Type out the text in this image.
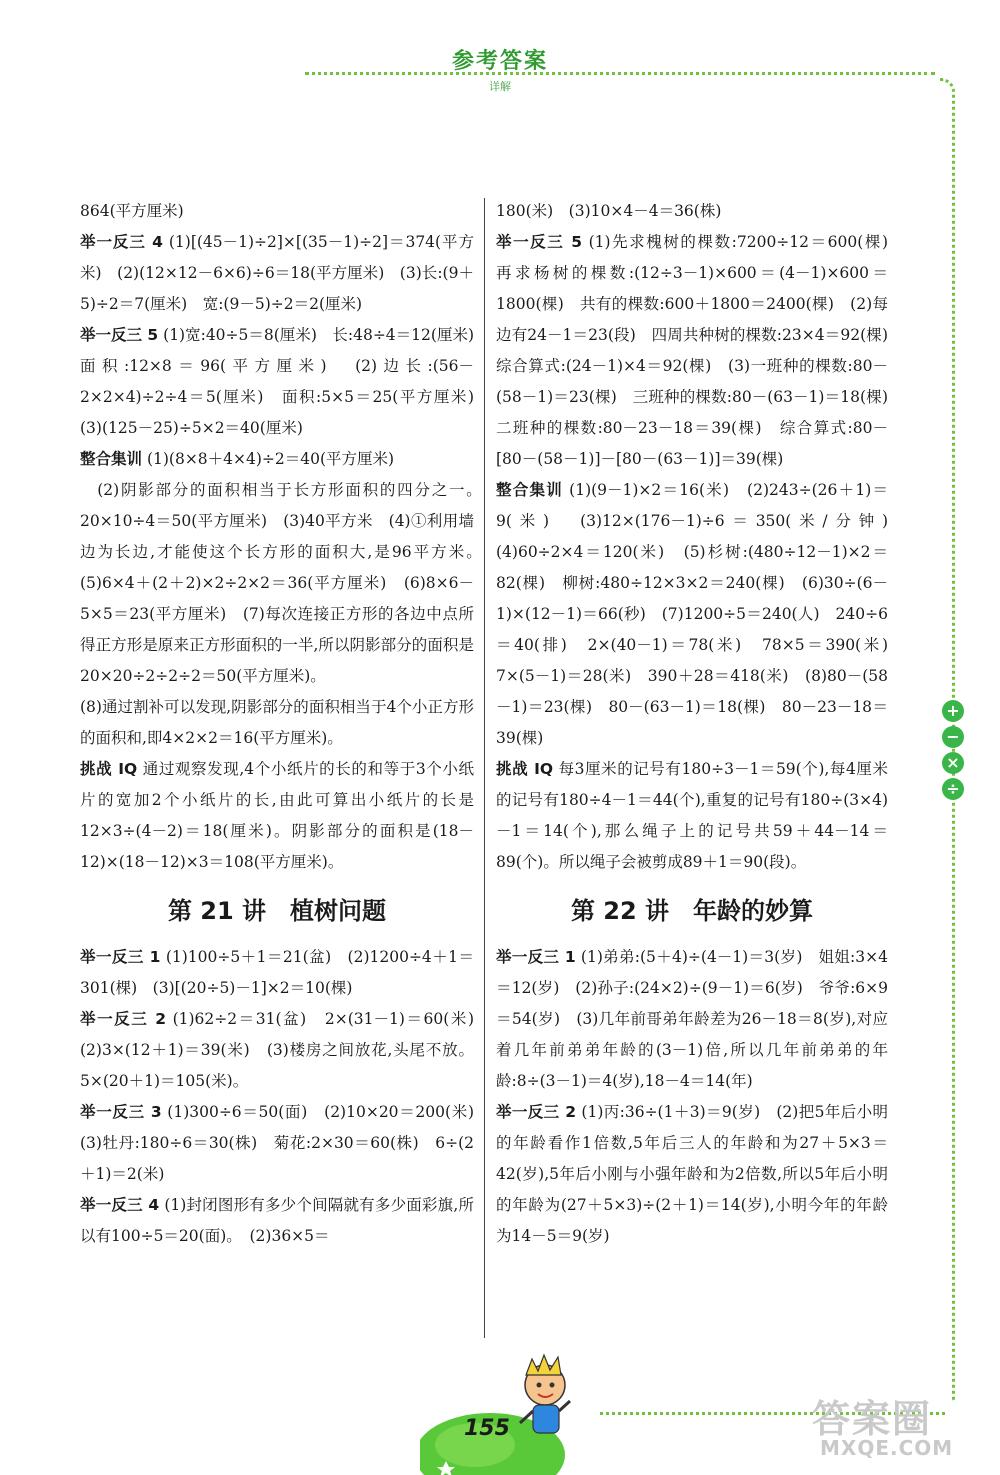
参考答案
详解

864(平方厘米)

举一反三 4 (1)[(45－1)÷2]×[(35－1)÷2]＝374(平方米)　(2)(12×12－6×6)÷6＝18(平方厘米)　(3)长:(9＋5)÷2＝7(厘米)　宽:(9－5)÷2＝2(厘米)

举一反三 5 (1)宽:40÷5＝8(厘米)　长:48÷4＝12(厘米)　面积:12×8＝96(平方厘米)　(2)边长:(56－2×2×4)÷2÷4＝5(厘米)　面积:5×5＝25(平方厘米)　(3)(125－25)÷5×2＝40(厘米)

整合集训 (1)(8×8＋4×4)÷2＝40(平方厘米)

　(2)阴影部分的面积相当于长方形面积的四分之一。　20×10÷4＝50(平方厘米)　(3)40平方米　(4)①利用墙边为长边,才能使这个长方形的面积大,是96平方米。　(5)6×4＋(2＋2)×2÷2×2＝36(平方厘米)　(6)8×6－5×5＝23(平方厘米)　(7)每次连接正方形的各边中点所得正方形是原来正方形面积的一半,所以阴影部分的面积是20×20÷2÷2÷2＝50(平方厘米)。

(8)通过割补可以发现,阴影部分的面积相当于4个小正方形的面积和,即4×2×2＝16(平方厘米)。

挑战 IQ 通过观察发现,4个小纸片的长的和等于3个小纸片的宽加2个小纸片的长,由此可算出小纸片的长是12×3÷(4－2)＝18(厘米)。阴影部分的面积是(18－12)×(18－12)×3＝108(平方厘米)。

第 21 讲　植树问题

举一反三 1 (1)100÷5＋1＝21(盆)　(2)1200÷4＋1＝301(棵)　(3)[(20÷5)－1]×2＝10(棵)

举一反三 2 (1)62÷2＝31(盆)　2×(31－1)＝60(米)　(2)3×(12＋1)＝39(米)　(3)楼房之间放花,头尾不放。5×(20＋1)＝105(米)。

举一反三 3 (1)300÷6＝50(面)　(2)10×20＝200(米)　(3)牡丹:180÷6＝30(株)　菊花:2×30＝60(株)　6÷(2＋1)＝2(米)

举一反三 4 (1)封闭图形有多少个间隔就有多少面彩旗,所以有100÷5＝20(面)。　(2)36×5＝

180(米)　(3)10×4－4＝36(株)

举一反三 5 (1)先求槐树的棵数:7200÷12＝600(棵)　再求杨树的棵数:(12÷3－1)×600＝(4－1)×600＝1800(棵)　共有的棵数:600＋1800＝2400(棵)　(2)每边有24－1＝23(段)　四周共种树的棵数:23×4＝92(棵)　综合算式:(24－1)×4＝92(棵)　(3)一班种的棵数:80－(58－1)＝23(棵)　三班种的棵数:80－(63－1)＝18(棵)　二班种的棵数:80－23－18＝39(棵)　综合算式:80－[80－(58－1)]－[80－(63－1)]＝39(棵)

整合集训 (1)(9－1)×2＝16(米)　(2)243÷(26＋1)＝9(米)　(3)12×(176－1)÷6＝350(米/分钟)　(4)60÷2×4＝120(米)　(5)杉树:(480÷12－1)×2＝82(棵)　柳树:480÷12×3×2＝240(棵)　(6)30÷(6－1)×(12－1)＝66(秒)　(7)1200÷5＝240(人)　240÷6＝40(排)　2×(40－1)＝78(米)　78×5＝390(米)　7×(5－1)＝28(米)　390＋28＝418(米)　(8)80－(58－1)＝23(棵)　80－(63－1)＝18(棵)　80－23－18＝39(棵)

挑战 IQ 每3厘米的记号有180÷3－1＝59(个),每4厘米的记号有180÷4－1＝44(个),重复的记号有180÷(3×4)－1＝14(个),那么绳子上的记号共59＋44－14＝89(个)。所以绳子会被剪成89＋1＝90(段)。

第 22 讲　年龄的妙算

举一反三 1 (1)弟弟:(5＋4)÷(4－1)＝3(岁)　姐姐:3×4＝12(岁)　(2)孙子:(24×2)÷(9－1)＝6(岁)　爷爷:6×9＝54(岁)　(3)几年前哥弟年龄差为26－18＝8(岁),对应着几年前弟弟年龄的(3－1)倍,所以几年前弟弟的年龄:8÷(3－1)＝4(岁),18－4＝14(年)

举一反三 2 (1)丙:36÷(1＋3)＝9(岁)　(2)把5年后小明的年龄看作1倍数,5年后三人的年龄和为27＋5×3＝42(岁),5年后小刚与小强年龄和为2倍数,所以5年后小明的年龄为(27＋5×3)÷(2＋1)＝14(岁),小明今年的年龄为14－5＝9(岁)

+
−
×
÷
155	答案圈
MXQE.COM
